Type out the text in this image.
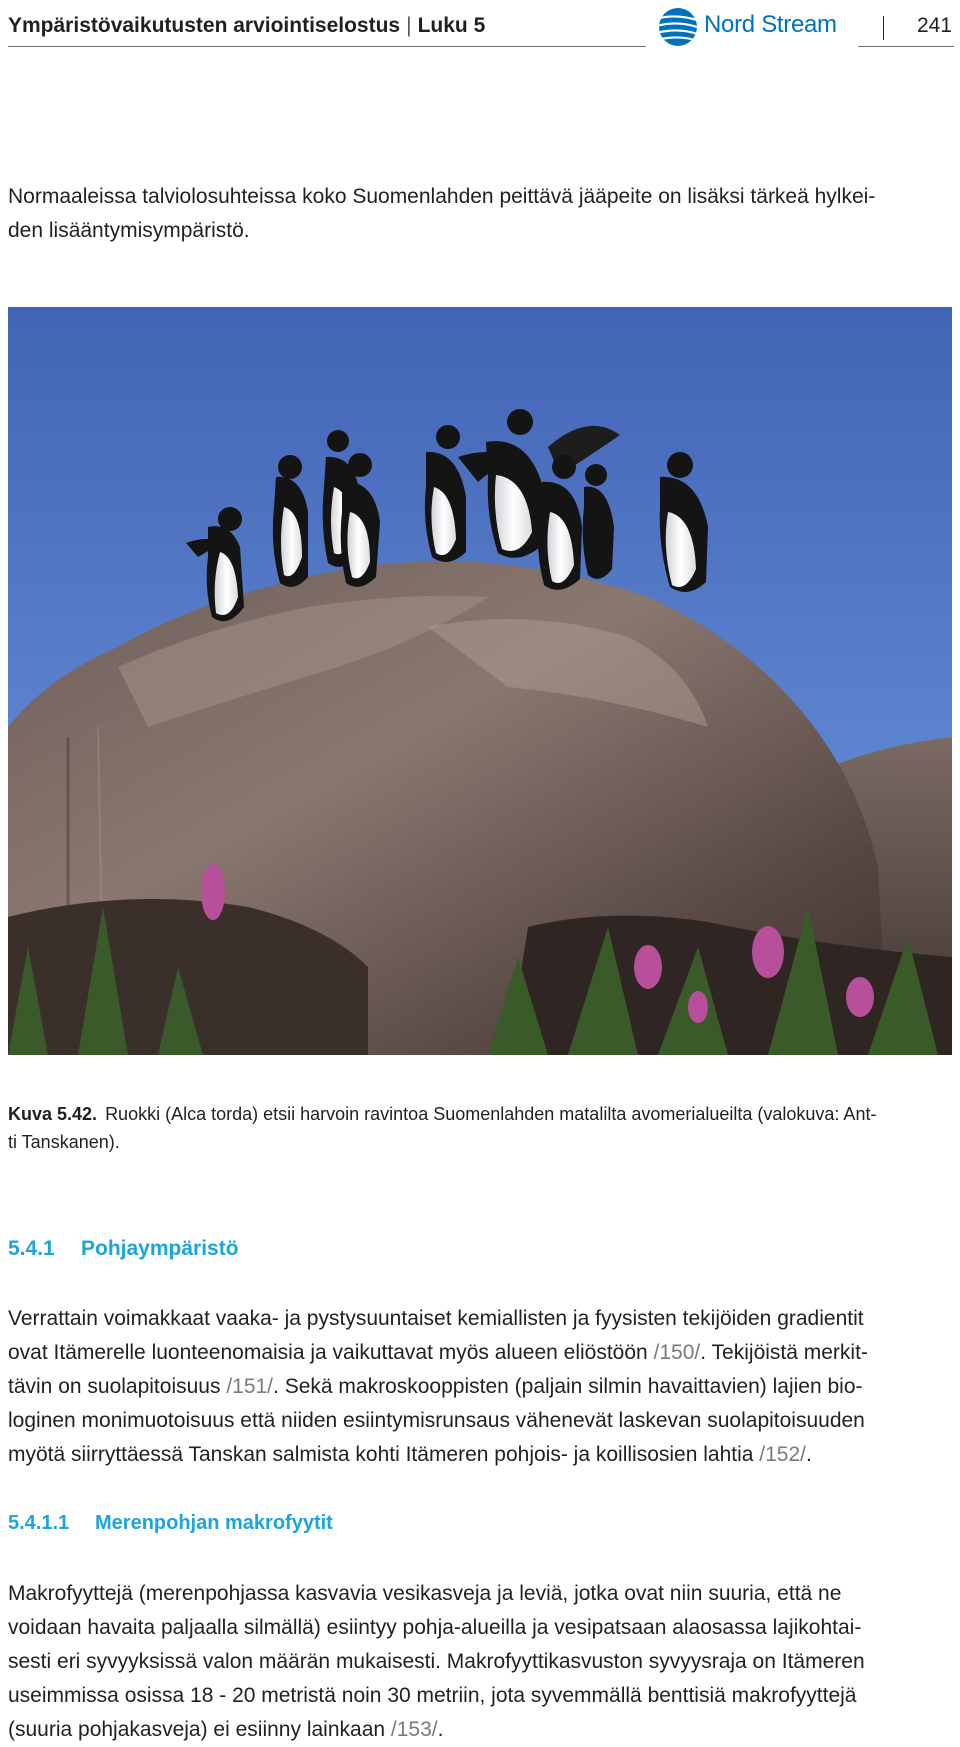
Ympäristövaikutusten arviointiselostus | Luku 5	Nord Stream	241

Normaaleissa talviolosuhteissa koko Suomenlahden peittävä jääpeite on lisäksi tärkeä hylkei-
den lisääntymisympäristö.

Kuva 5.42. Ruokki (Alca torda) etsii harvoin ravintoa Suomenlahden matalilta avomerialueilta (valokuva: Ant-
ti Tanskanen).

5.4.1 Pohjaympäristö

Verrattain voimakkaat vaaka- ja pystysuuntaiset kemiallisten ja fyysisten tekijöiden gradientit
ovat Itämerelle luonteenomaisia ja vaikuttavat myös alueen eliöstöön /150/. Tekijöistä merkit-
tävin on suolapitoisuus /151/. Sekä makroskooppisten (paljain silmin havaittavien) lajien bio-
loginen monimuotoisuus että niiden esiintymisrunsaus vähenevät laskevan suolapitoisuuden
myötä siirryttäessä Tanskan salmista kohti Itämeren pohjois- ja koillisosien lahtia /152/.

5.4.1.1 Merenpohjan makrofyytit

Makrofyyttejä (merenpohjassa kasvavia vesikasveja ja leviä, jotka ovat niin suuria, että ne
voidaan havaita paljaalla silmällä) esiintyy pohja-alueilla ja vesipatsaan alaosassa lajikohtai-
sesti eri syvyyksissä valon määrän mukaisesti. Makrofyyttikasvuston syvyysraja on Itämeren
useimmissa osissa 18 - 20 metristä noin 30 metriin, jota syvemmällä benttisiä makrofyyttejä
(suuria pohjakasveja) ei esiinny lainkaan /153/.
